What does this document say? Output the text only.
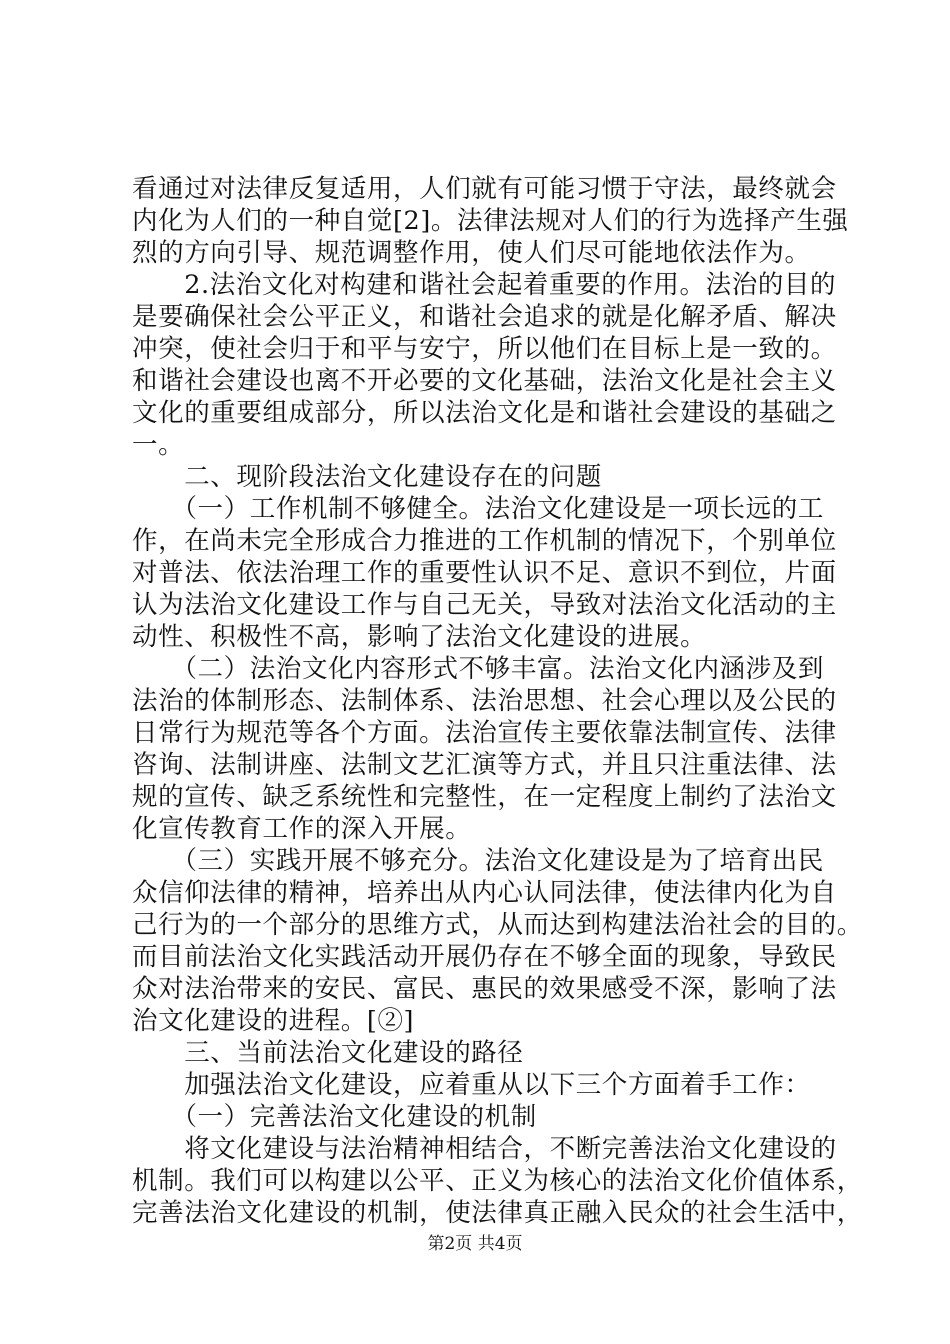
看通过对法律反复适用，人们就有可能习惯于守法，最终就会
内化为人们的一种自觉[2]。法律法规对人们的行为选择产生强
烈的方向引导、规范调整作用，使人们尽可能地依法作为。
　　2.法治文化对构建和谐社会起着重要的作用。法治的目的
是要确保社会公平正义，和谐社会追求的就是化解矛盾、解决
冲突，使社会归于和平与安宁，所以他们在目标上是一致的。
和谐社会建设也离不开必要的文化基础，法治文化是社会主义
文化的重要组成部分，所以法治文化是和谐社会建设的基础之
一。
　　二、现阶段法治文化建设存在的问题
　　（一）工作机制不够健全。法治文化建设是一项长远的工
作，在尚未完全形成合力推进的工作机制的情况下，个别单位
对普法、依法治理工作的重要性认识不足、意识不到位，片面
认为法治文化建设工作与自己无关，导致对法治文化活动的主
动性、积极性不高，影响了法治文化建设的进展。
　　（二）法治文化内容形式不够丰富。法治文化内涵涉及到
法治的体制形态、法制体系、法治思想、社会心理以及公民的
日常行为规范等各个方面。法治宣传主要依靠法制宣传、法律
咨询、法制讲座、法制文艺汇演等方式，并且只注重法律、法
规的宣传、缺乏系统性和完整性，在一定程度上制约了法治文
化宣传教育工作的深入开展。
　　（三）实践开展不够充分。法治文化建设是为了培育出民
众信仰法律的精神，培养出从内心认同法律，使法律内化为自
己行为的一个部分的思维方式，从而达到构建法治社会的目的。
而目前法治文化实践活动开展仍存在不够全面的现象，导致民
众对法治带来的安民、富民、惠民的效果感受不深，影响了法
治文化建设的进程。[②]
　　三、当前法治文化建设的路径
　　加强法治文化建设，应着重从以下三个方面着手工作：
　　（一）完善法治文化建设的机制
　　将文化建设与法治精神相结合，不断完善法治文化建设的
机制。我们可以构建以公平、正义为核心的法治文化价值体系，
完善法治文化建设的机制，使法律真正融入民众的社会生活中，
第2页 共4页
